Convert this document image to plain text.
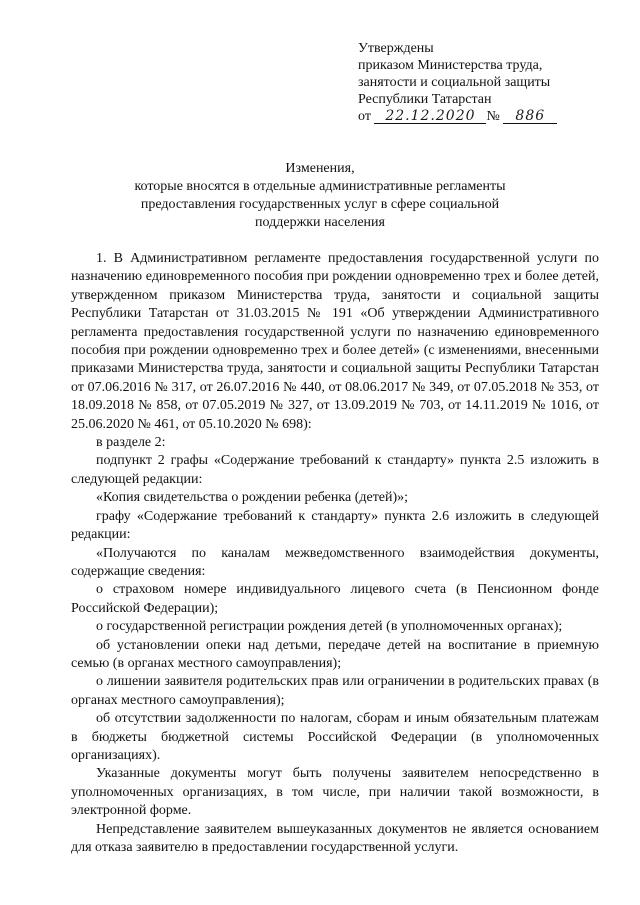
Утверждены
приказом Министерства труда,
занятости и социальной защиты
Республики Татарстан
от 22.12.2020 № 886
Изменения,
которые вносятся в отдельные административные регламенты
предоставления государственных услуг в сфере социальной
поддержки населения

1. В Административном регламенте предоставления государственной услуги по назначению единовременного пособия при рождении одновременно трех и более детей, утвержденном приказом Министерства труда, занятости и социальной защиты Республики Татарстан от 31.03.2015 № 191 «Об утверждении Административного регламента предоставления государственной услуги по назначению единовременного пособия при рождении одновременно трех и более детей» (с изменениями, внесенными приказами Министерства труда, занятости и социальной защиты Республики Татарстан от 07.06.2016 № 317, от 26.07.2016 № 440, от 08.06.2017 № 349, от 07.05.2018 № 353, от 18.09.2018 № 858, от 07.05.2019 № 327, от 13.09.2019 № 703, от 14.11.2019 № 1016, от 25.06.2020 № 461, от 05.10.2020 № 698):

в разделе 2:

подпункт 2 графы «Содержание требований к стандарту» пункта 2.5 изложить в следующей редакции:

«Копия свидетельства о рождении ребенка (детей)»;

графу «Содержание требований к стандарту» пункта 2.6 изложить в следующей редакции:

«Получаются по каналам межведомственного взаимодействия документы, содержащие сведения:

о страховом номере индивидуального лицевого счета (в Пенсионном фонде Российской Федерации);

о государственной регистрации рождения детей (в уполномоченных органах);

об установлении опеки над детьми, передаче детей на воспитание в приемную семью (в органах местного самоуправления);

о лишении заявителя родительских прав или ограничении в родительских правах (в органах местного самоуправления);

об отсутствии задолженности по налогам, сборам и иным обязательным платежам в бюджеты бюджетной системы Российской Федерации (в уполномоченных организациях).

Указанные документы могут быть получены заявителем непосредственно в уполномоченных организациях, в том числе, при наличии такой возможности, в электронной форме.

Непредставление заявителем вышеуказанных документов не является основанием для отказа заявителю в предоставлении государственной услуги.
